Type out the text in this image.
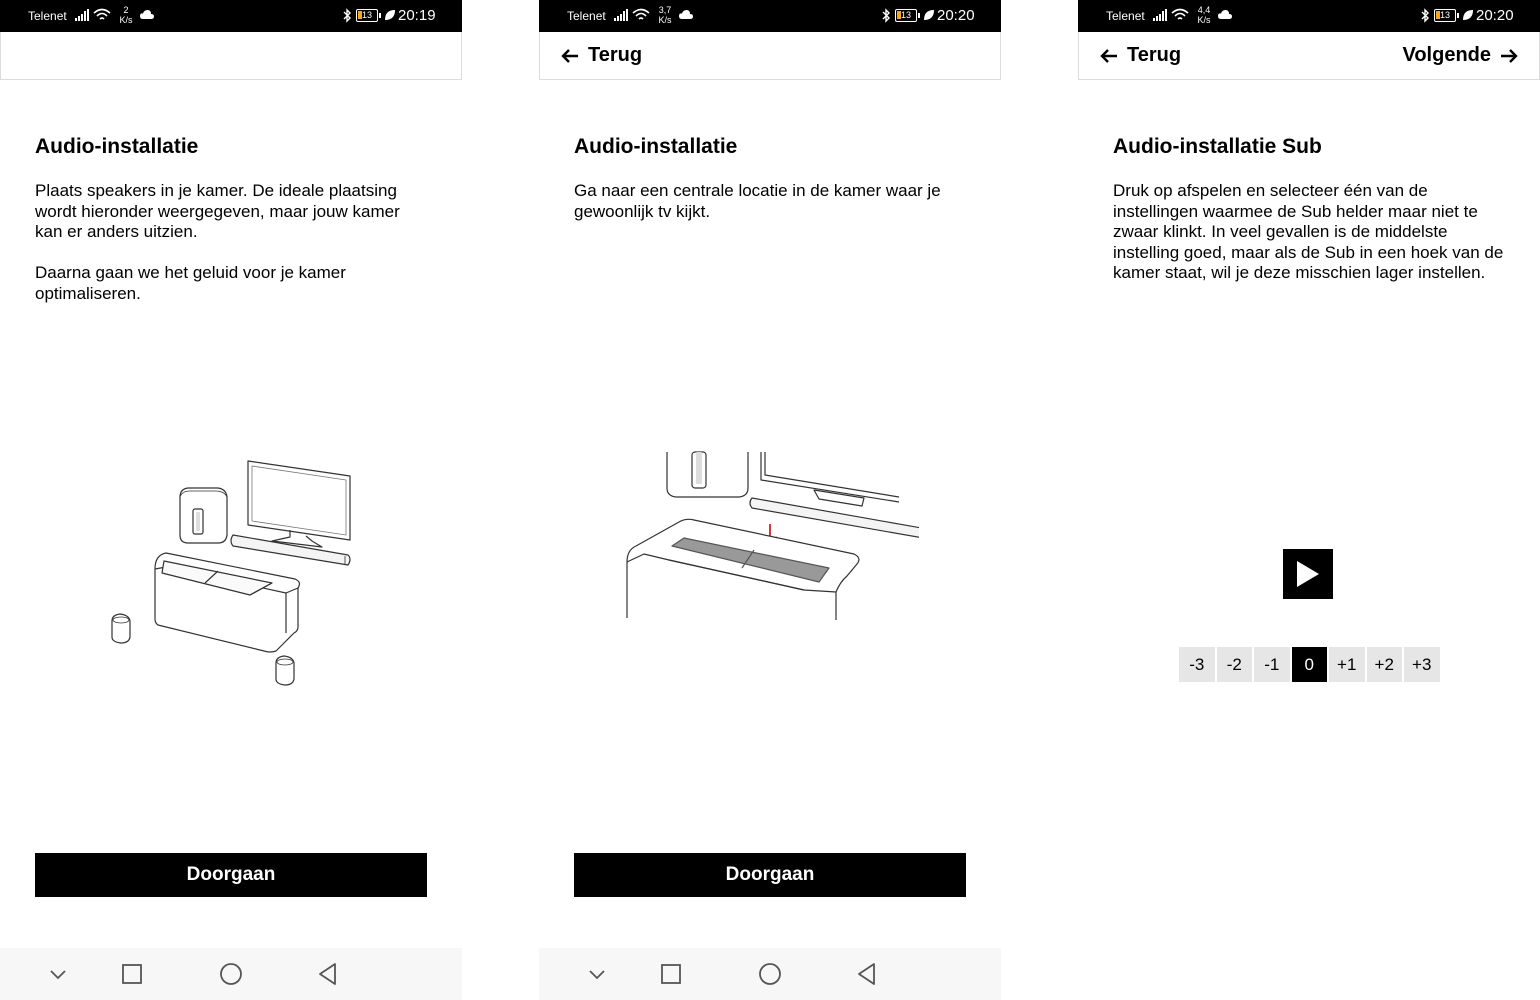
Telenet	2
K/s	13	20:19
Audio-installatie
Plaats speakers in je kamer. De ideale plaatsing wordt hieronder weergegeven, maar jouw kamer kan er anders uitzien.
Daarna gaan we het geluid voor je kamer optimaliseren.
Doorgaan
Telenet	3,7
K/s	13	20:20
Terug
Audio-installatie
Ga naar een centrale locatie in de kamer waar je gewoonlijk tv kijkt.
Doorgaan
Telenet	4,4
K/s	13	20:20
Terug	Volgende
Audio-installatie Sub
Druk op afspelen en selecteer één van de instellingen waarmee de Sub helder maar niet te zwaar klinkt. In veel gevallen is de middelste instelling goed, maar als de Sub in een hoek van de kamer staat, wil je deze misschien lager instellen.
-3	-2	-1	0	+1	+2	+3
